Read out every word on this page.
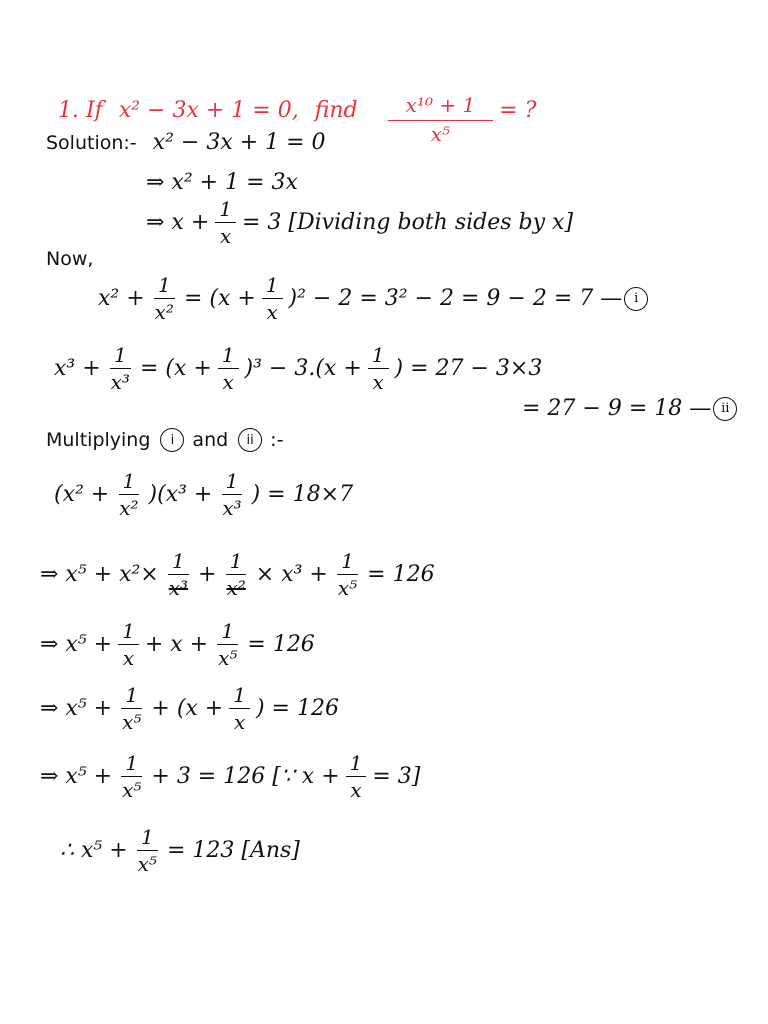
1. If x² − 3x + 1 = 0, find $\frac{\text{x¹⁰ + 1}}{\text{x⁵}}$ = ?
Solution:- x² − 3x + 1 = 0
⇒ x² + 1 = 3x
⇒ $x + \frac{1}{x} = 3$ [Dividing both sides by x]
Now,
$x^2 + \frac{1}{\text{x²}} = (x + \frac{1}{x} )^2 - 2 = 3^2 - 2 = 9 - 2 = 7$ — i
$x^3 + \frac{1}{\text{x³}} = (x + \frac{1}{x} )^3 - 3.(x + \frac{1}{x}$ ) = 27 − 3×3
= 27 − 9 = 18 — ii
Multiplying	i and	ii :-
$(x^2 + \frac{1}{\text{x²}} )(x^3 + \frac{1}{\text{x³}}$ ) = 18×7
⇒ $x^5 + x^2\times \frac{1}{\text{x³}} + \frac{1}{\text{x²}} \times x^3 + \frac{1}{\text{x⁵}} = 126$
⇒ $x^5 + \frac{1}{x} + x + \frac{1}{\text{x⁵}} = 126$
⇒ $x^5 + \frac{1}{\text{x⁵}} + (x + \frac{1}{x}$ ) = 126
⇒ $x^5 + \frac{1}{\text{x⁵}} + 3 = 126$ [∵ $x + \frac{1}{x} = 3$]
∴ $x^5 + \frac{1}{\text{x⁵}} = 123$ [Ans]
